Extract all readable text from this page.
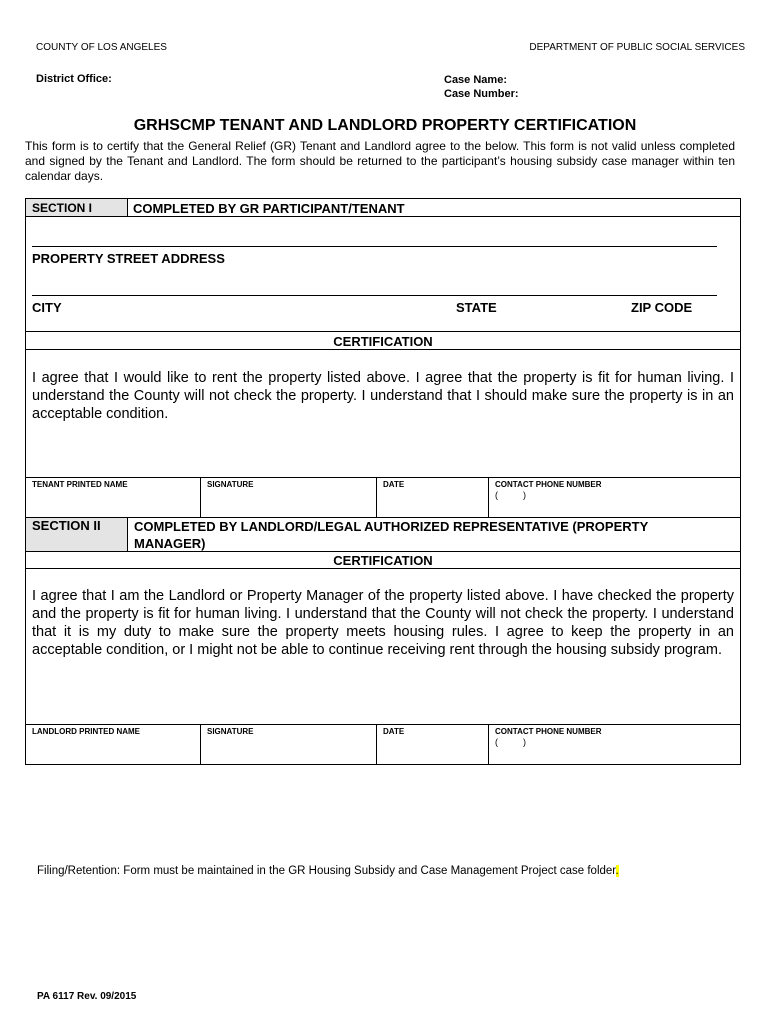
COUNTY OF LOS ANGELES	DEPARTMENT OF PUBLIC SOCIAL SERVICES
District Office:	Case Name:
Case Number:
GRHSCMP TENANT AND LANDLORD PROPERTY CERTIFICATION
This form is to certify that the General Relief (GR) Tenant and Landlord agree to the below. This form is not valid unless completed and signed by the Tenant and Landlord. The form should be returned to the participant’s housing subsidy case manager within ten calendar days.
SECTION I	COMPLETED BY GR PARTICIPANT/TENANT
PROPERTY STREET ADDRESS
CITY	STATE	ZIP CODE
CERTIFICATION
I agree that I would like to rent the property listed above. I agree that the property is fit for human living. I understand the County will not check the property. I understand that I should make sure the property is in an acceptable condition.
TENANT PRINTED NAME	SIGNATURE	DATE	CONTACT PHONE NUMBER
(          )
SECTION II	COMPLETED BY LANDLORD/LEGAL AUTHORIZED REPRESENTATIVE (PROPERTY MANAGER)
CERTIFICATION
I agree that I am the Landlord or Property Manager of the property listed above. I have checked the property and the property is fit for human living. I understand that the County will not check the property. I understand that it is my duty to make sure the property meets housing rules. I agree to keep the property in an acceptable condition, or I might not be able to continue receiving rent through the housing subsidy program.
LANDLORD PRINTED NAME	SIGNATURE	DATE	CONTACT PHONE NUMBER
(          )
Filing/Retention: Form must be maintained in the GR Housing Subsidy and Case Management Project case folder.
PA 6117 Rev. 09/2015
